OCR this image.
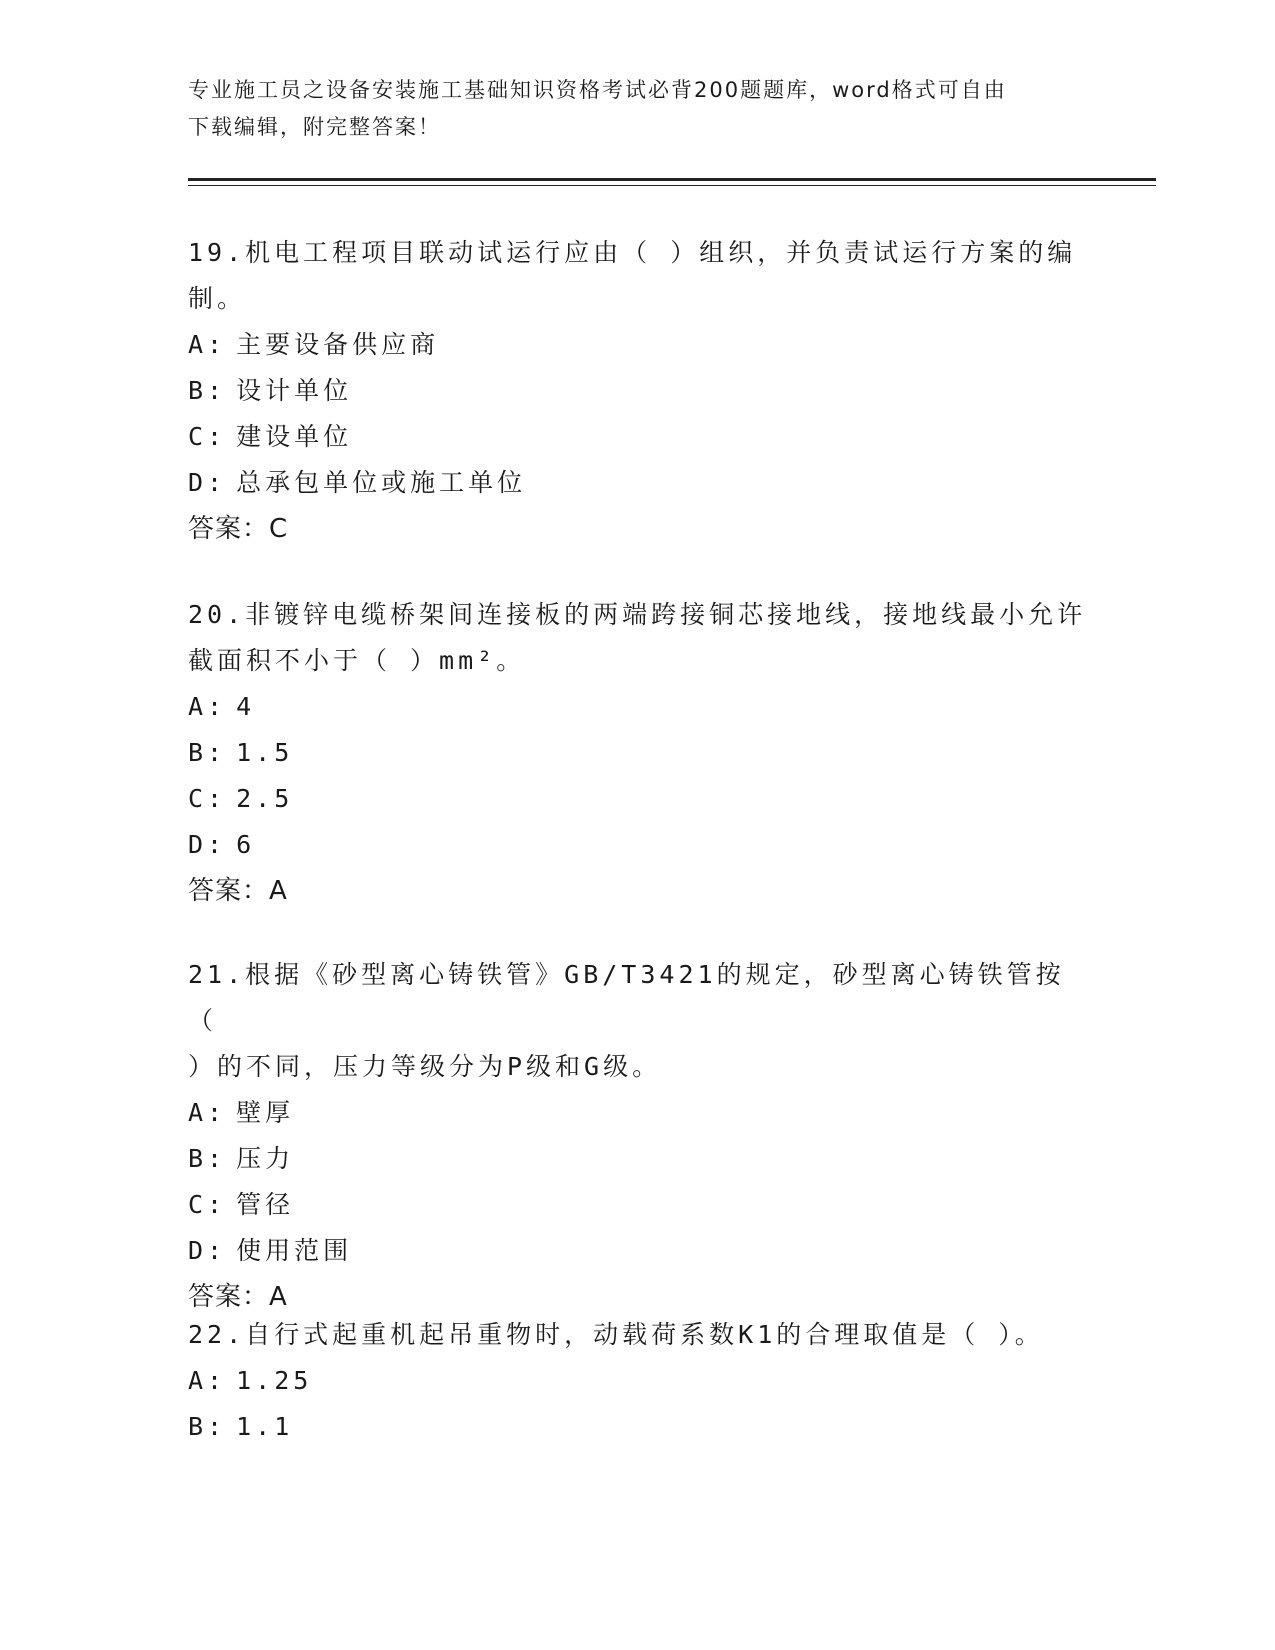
专业施工员之设备安装施工基础知识资格考试必背200题题库，word格式可自由
下载编辑，附完整答案！
19.机电工程项目联动试运行应由（ ）组织，并负责试运行方案的编
制。
A: 主要设备供应商
B: 设计单位
C: 建设单位
D: 总承包单位或施工单位
答案：C
20.非镀锌电缆桥架间连接板的两端跨接铜芯接地线，接地线最小允许
截面积不小于（ ）mm²。
A: 4
B: 1.5
C: 2.5
D: 6
答案：A
21.根据《砂型离心铸铁管》GB/T3421的规定，砂型离心铸铁管按（
）的不同，压力等级分为P级和G级。
A: 壁厚
B: 压力
C: 管径
D: 使用范围
答案：A
22.自行式起重机起吊重物时，动载荷系数K1的合理取值是（ ）。
A: 1.25
B: 1.1
